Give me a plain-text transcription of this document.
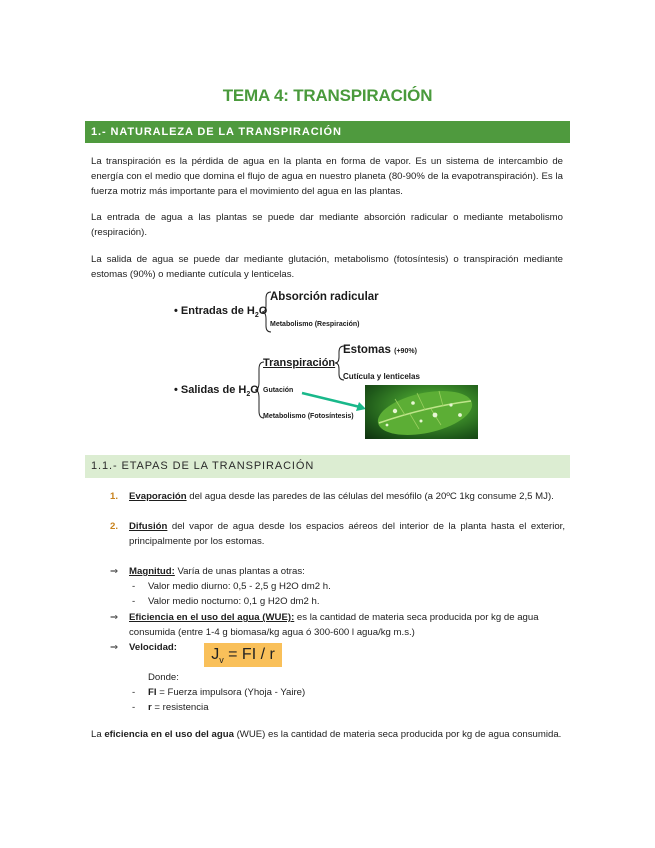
TEMA 4: TRANSPIRACIÓN
1.- NATURALEZA DE LA TRANSPIRACIÓN

La transpiración es la pérdida de agua en la planta en forma de vapor. Es un sistema de intercambio de energía con el medio que domina el flujo de agua en nuestro planeta (80-90% de la evapotranspiración). Es la fuerza motriz más importante para el movimiento del agua en las plantas.

La entrada de agua a las plantas se puede dar mediante absorción radicular o mediante metabolismo (respiración).

La salida de agua se puede dar mediante glutación, metabolismo (fotosíntesis) o transpiración mediante estomas (90%) o mediante cutícula y lenticelas.

• Entradas de $H_2O$
Absorción radicular
Metabolismo (Respiración)
• Salidas de $H_2O$
Transpiración
Estomas (+90%)
Cutícula y lenticelas
Gutación
Metabolismo (Fotosíntesis)
1.1.- ETAPAS DE LA TRANSPIRACIÓN
1. Evaporación del agua desde las paredes de las células del mesófilo (a 20ºC 1kg consume 2,5 MJ).
2. Difusión del vapor de agua desde los espacios aéreos del interior de la planta hasta el exterior, principalmente por los estomas.
⇒ Magnitud: Varía de unas plantas a otras:
- Valor medio diurno: 0,5 - 2,5 g H2O dm2 h.
- Valor medio nocturno: 0,1 g H2O dm2 h.
⇒ Eficiencia en el uso del agua (WUE): es la cantidad de materia seca producida por kg de agua consumida (entre 1-4 g biomasa/kg agua ó 300-600 l agua/kg m.s.)
⇒ Velocidad:	$J_v$ = FI / r
Donde:
- FI = Fuerza impulsora (Yhoja - Yaire)
- r = resistencia

La eficiencia en el uso del agua (WUE) es la cantidad de materia seca producida por kg de agua consumida.
